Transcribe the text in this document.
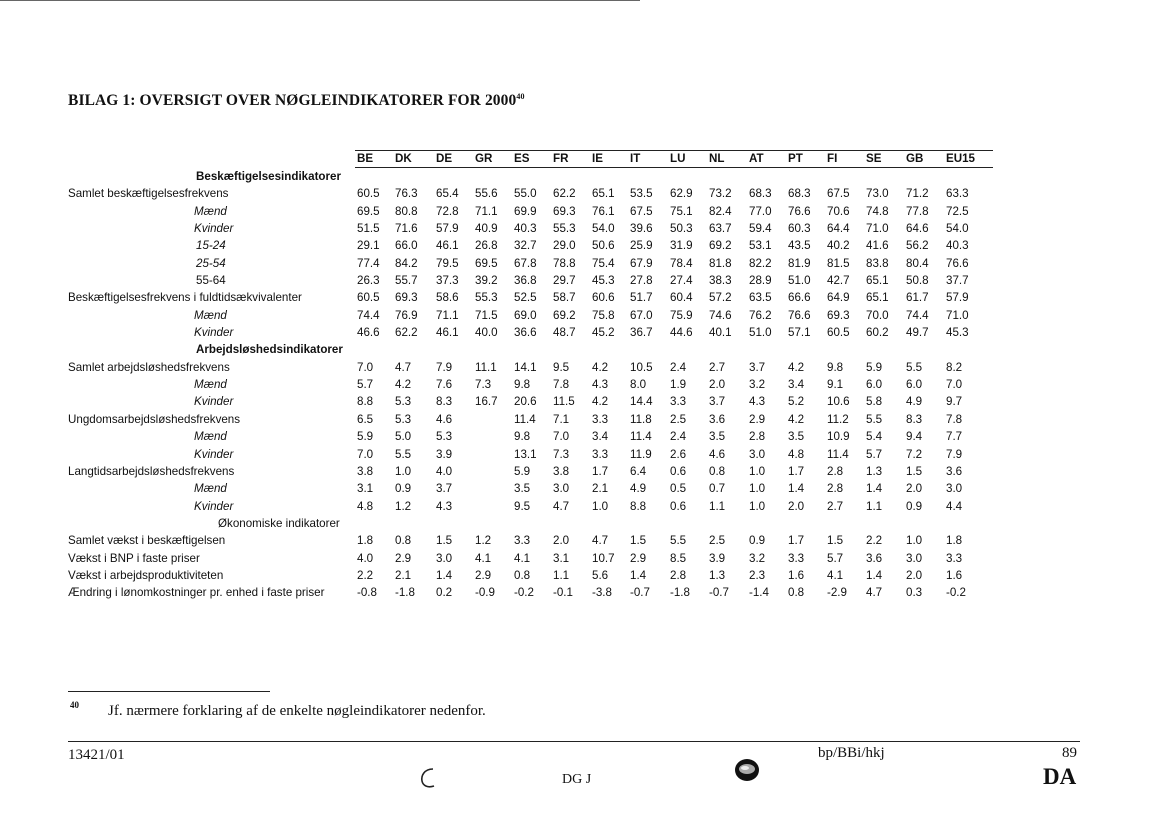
BILAG 1: OVERSIGT OVER NØGLEINDIKATORER FOR 2000$^{40}$
BE DK DE GR ES FR IE IT	LU NL AT PT FI SE GB EU15
Beskæftigelsesindikatorer
Samlet beskæftigelsesfrekvens	60.5 76.3 65.4 55.6 55.0 62.2 65.1 53.5 62.9 73.2 68.3 68.3 67.5 73.0 71.2 63.3
Mænd	69.5 80.8 72.8 71.1 69.9 69.3 76.1 67.5 75.1 82.4 77.0 76.6 70.6 74.8 77.8 72.5
Kvinder	51.5 71.6 57.9 40.9 40.3 55.3 54.0 39.6 50.3 63.7 59.4 60.3 64.4 71.0 64.6 54.0
15-24	29.1 66.0 46.1 26.8 32.7 29.0 50.6 25.9 31.9 69.2 53.1 43.5 40.2 41.6 56.2 40.3
25-54	77.4 84.2 79.5 69.5 67.8 78.8 75.4 67.9 78.4 81.8 82.2 81.9 81.5 83.8 80.4 76.6
55-64	26.3 55.7 37.3 39.2 36.8 29.7 45.3 27.8 27.4 38.3 28.9 51.0 42.7 65.1 50.8 37.7
Beskæftigelsesfrekvens i fuldtidsækvivalenter	60.5 69.3 58.6 55.3 52.5 58.7 60.6 51.7 60.4 57.2 63.5 66.6 64.9 65.1 61.7 57.9
Mænd	74.4 76.9 71.1 71.5 69.0 69.2 75.8 67.0 75.9 74.6 76.2 76.6 69.3 70.0 74.4 71.0
Kvinder	46.6 62.2 46.1 40.0 36.6 48.7 45.2 36.7 44.6 40.1 51.0 57.1 60.5 60.2 49.7 45.3
Arbejdsløshedsindikatorer
Samlet arbejdsløshedsfrekvens	7.0 4.7 7.9 11.1 14.1 9.5 4.2 10.5 2.4 2.7 3.7 4.2 9.8 5.9 5.5 8.2
Mænd	5.7 4.2 7.6 7.3 9.8 7.8 4.3 8.0 1.9 2.0 3.2 3.4 9.1 6.0 6.0 7.0
Kvinder	8.8 5.3 8.3 16.7 20.6 11.5 4.2 14.4 3.3 3.7 4.3 5.2 10.6 5.8 4.9 9.7
Ungdomsarbejdsløshedsfrekvens	6.5 5.3 4.6	11.4 7.1 3.3 11.8 2.5 3.6 2.9 4.2 11.2 5.5 8.3 7.8
Mænd	5.9 5.0 5.3	9.8 7.0 3.4 11.4 2.4 3.5 2.8 3.5 10.9 5.4 9.4 7.7
Kvinder	7.0 5.5 3.9	13.1 7.3 3.3 11.9 2.6 4.6 3.0 4.8 11.4 5.7 7.2 7.9
Langtidsarbejdsløshedsfrekvens	3.8 1.0 4.0	5.9 3.8 1.7 6.4 0.6 0.8 1.0 1.7 2.8 1.3 1.5 3.6
Mænd	3.1 0.9 3.7	3.5 3.0 2.1 4.9 0.5 0.7 1.0 1.4 2.8 1.4 2.0 3.0
Kvinder	4.8 1.2 4.3	9.5 4.7 1.0 8.8 0.6 1.1 1.0 2.0 2.7 1.1 0.9 4.4
Økonomiske indikatorer
Samlet vækst i beskæftigelsen	1.8 0.8 1.5 1.2 3.3 2.0 4.7 1.5 5.5 2.5 0.9 1.7 1.5 2.2 1.0 1.8
Vækst i BNP i faste priser	4.0 2.9 3.0 4.1 4.1 3.1 10.7 2.9 8.5 3.9 3.2 3.3 5.7 3.6 3.0 3.3
Vækst i arbejdsproduktiviteten	2.2 2.1 1.4 2.9 0.8 1.1 5.6 1.4 2.8 1.3 2.3 1.6 4.1 1.4 2.0 1.6
Ændring i lønomkostninger pr. enhed i faste priser	-0.8 -1.8 0.2 -0.9 -0.2 -0.1 -3.8 -0.7 -1.8 -0.7 -1.4 0.8 -2.9 4.7 0.3 -0.2
40 Jf. nærmere forklaring af de enkelte nøgleindikatorer nedenfor.
13421/01	bp/BBi/hkj	89
DG J	DA
